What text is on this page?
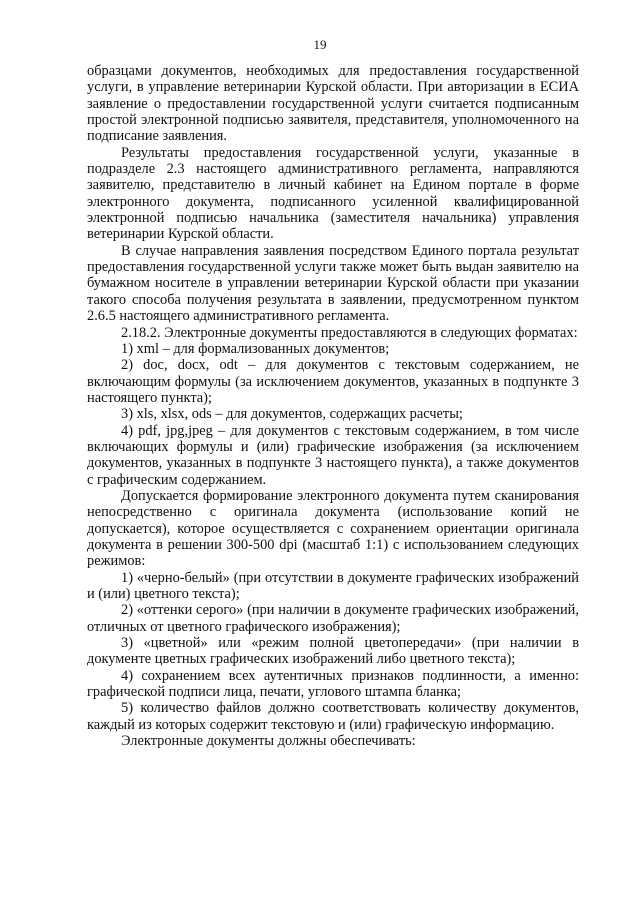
19

образцами документов, необходимых для предоставления государственной услуги, в управление ветеринарии Курской области. При авторизации в ЕСИА заявление о предоставлении государственной услуги считается подписанным простой электронной подписью заявителя, представителя, уполномоченного на подписание заявления.

Результаты предоставления государственной услуги, указанные в подразделе 2.3 настоящего административного регламента, направляются заявителю, представителю в личный кабинет на Едином портале в форме электронного документа, подписанного усиленной квалифицированной электронной подписью начальника (заместителя начальника) управления ветеринарии Курской области.

В случае направления заявления посредством Единого портала результат предоставления государственной услуги также может быть выдан заявителю на бумажном носителе в управлении ветеринарии Курской области при указании такого способа получения результата в заявлении, предусмотренном пунктом 2.6.5 настоящего административного регламента.

2.18.2. Электронные документы предоставляются в следующих форматах:

1) xml – для формализованных документов;

2) doc, docx, odt – для документов с текстовым содержанием, не включающим формулы (за исключением документов, указанных в подпункте 3 настоящего пункта);

3) xls, xlsx, ods – для документов, содержащих расчеты;

4) pdf, jpg,jpeg – для документов с текстовым содержанием, в том числе включающих формулы и (или) графические изображения (за исключением документов, указанных в подпункте 3 настоящего пункта), а также документов с графическим содержанием.

Допускается формирование электронного документа путем сканирования непосредственно с оригинала документа (использование копий не допускается), которое осуществляется с сохранением ориентации оригинала документа в решении 300-500 dpi (масштаб 1:1) с использованием следующих режимов:

1) «черно-белый» (при отсутствии в документе графических изображений и (или) цветного текста);

2) «оттенки серого» (при наличии в документе графических изображений, отличных от цветного графического изображения);

3) «цветной» или «режим полной цветопередачи» (при наличии в документе цветных графических изображений либо цветного текста);

4) сохранением всех аутентичных признаков подлинности, а именно: графической подписи лица, печати, углового штампа бланка;

5) количество файлов должно соответствовать количеству документов, каждый из которых содержит текстовую и (или) графическую информацию.

Электронные документы должны обеспечивать:
